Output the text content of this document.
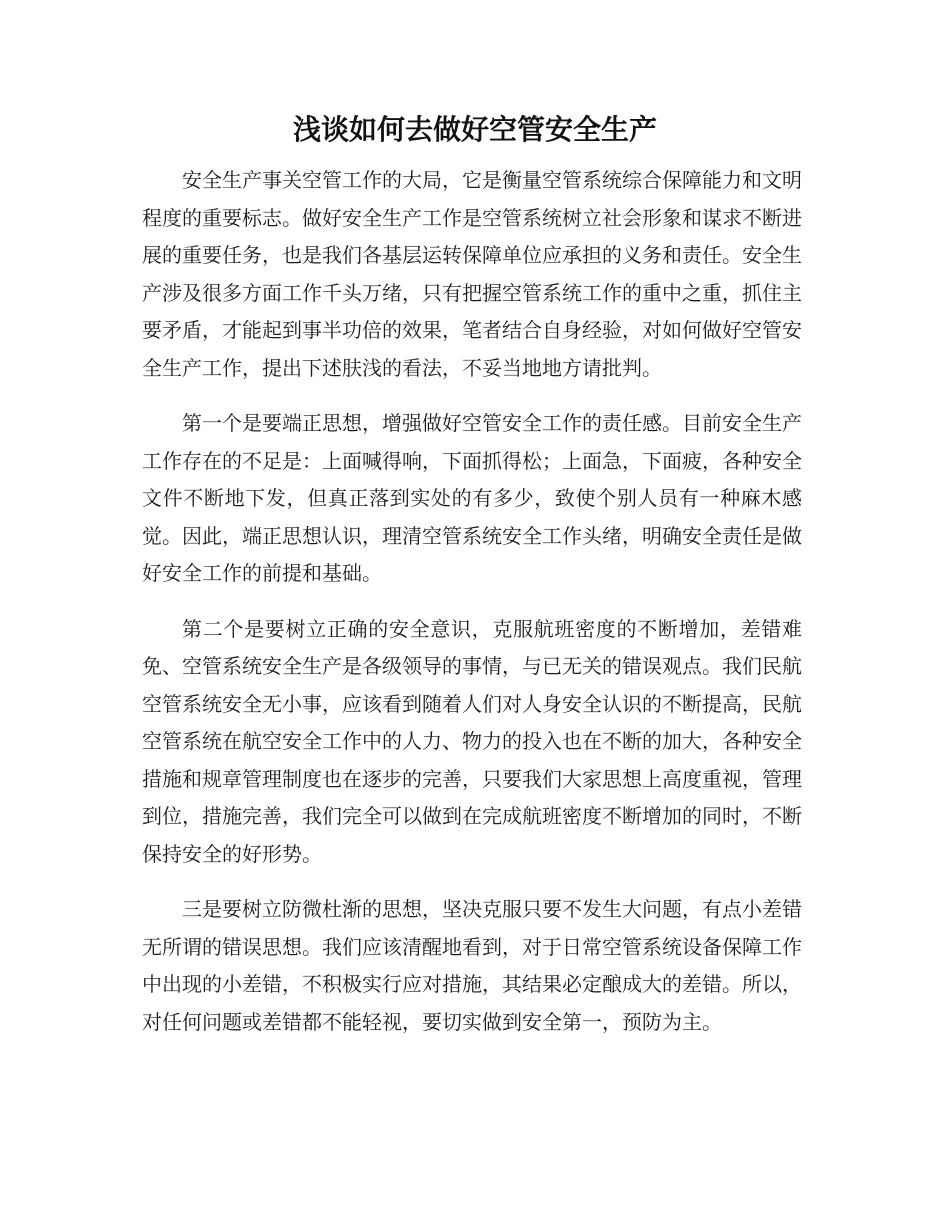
浅谈如何去做好空管安全生产

安全生产事关空管工作的大局，它是衡量空管系统综合保障能力和文明程度的重要标志。做好安全生产工作是空管系统树立社会形象和谋求不断进展的重要任务，也是我们各基层运转保障单位应承担的义务和责任。安全生产涉及很多方面工作千头万绪，只有把握空管系统工作的重中之重，抓住主要矛盾，才能起到事半功倍的效果，笔者结合自身经验，对如何做好空管安全生产工作，提出下述肤浅的看法，不妥当地地方请批判。

第一个是要端正思想，增强做好空管安全工作的责任感。目前安全生产工作存在的不足是：上面喊得响，下面抓得松；上面急，下面疲，各种安全文件不断地下发，但真正落到实处的有多少，致使个别人员有一种麻木感觉。因此，端正思想认识，理清空管系统安全工作头绪，明确安全责任是做好安全工作的前提和基础。

第二个是要树立正确的安全意识，克服航班密度的不断增加，差错难免、空管系统安全生产是各级领导的事情，与已无关的错误观点。我们民航空管系统安全无小事，应该看到随着人们对人身安全认识的不断提高，民航空管系统在航空安全工作中的人力、物力的投入也在不断的加大，各种安全措施和规章管理制度也在逐步的完善，只要我们大家思想上高度重视，管理到位，措施完善，我们完全可以做到在完成航班密度不断增加的同时，不断保持安全的好形势。

三是要树立防微杜渐的思想，坚决克服只要不发生大问题，有点小差错无所谓的错误思想。我们应该清醒地看到，对于日常空管系统设备保障工作中出现的小差错，不积极实行应对措施，其结果必定酿成大的差错。所以，对任何问题或差错都不能轻视，要切实做到安全第一，预防为主。
